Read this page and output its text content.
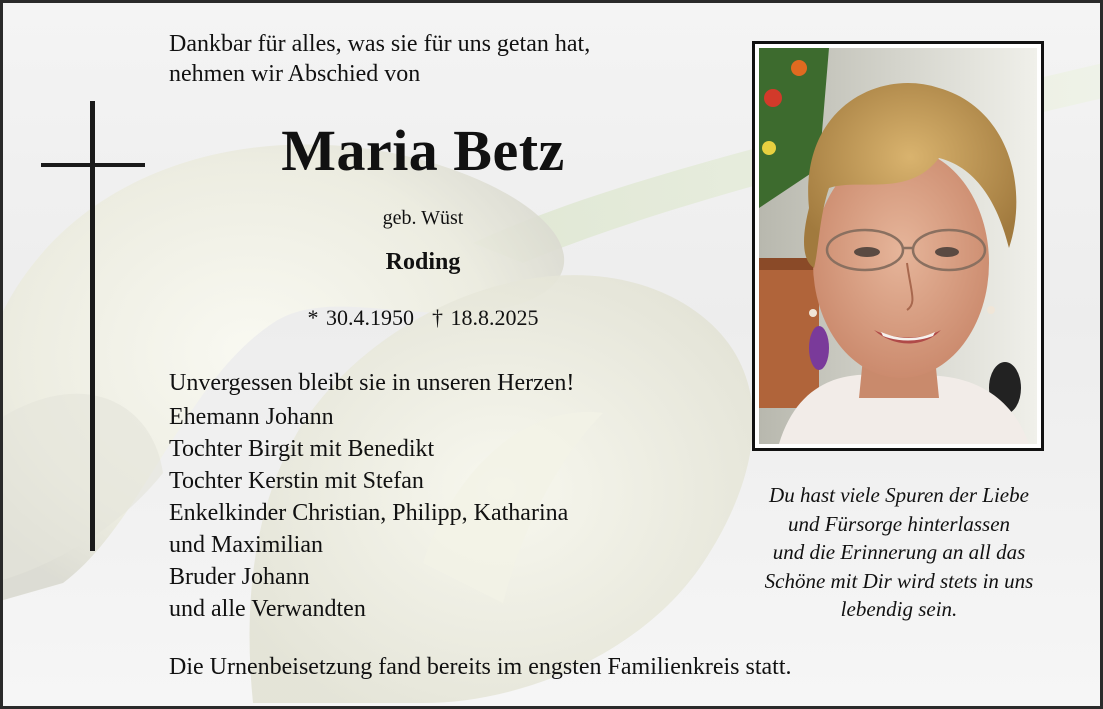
Dankbar für alles, was sie für uns getan hat,
nehmen wir Abschied von
Maria Betz
geb. Wüst
Roding
* 30.4.1950 † 18.8.2025
Unvergessen bleibt sie in unseren Herzen!
Ehemann Johann
Tochter Birgit mit Benedikt
Tochter Kerstin mit Stefan
Enkelkinder Christian, Philipp, Katharina
und Maximilian
Bruder Johann
und alle Verwandten
Du hast viele Spuren der Liebe
und Fürsorge hinterlassen
und die Erinnerung an all das
Schöne mit Dir wird stets in uns
lebendig sein.
Die Urnenbeisetzung fand bereits im engsten Familienkreis statt.
